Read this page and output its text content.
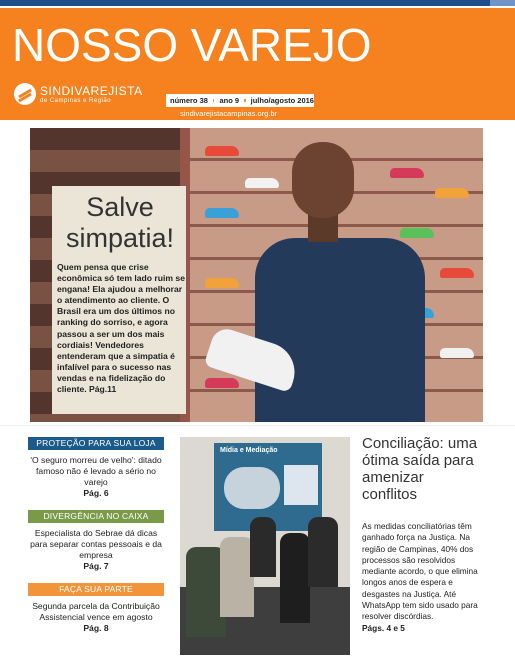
NOSSO VAREJO
SINDIVAREJISTA
de Campinas e Região	número 38 ano 9 julho/agosto 2016
sindivarejistacampinas.org.br
Salve
simpatia!
Quem pensa que crise econômica só tem lado ruim se engana! Ela ajudou a melhorar o atendimento ao cliente. O Brasil era um dos últimos no ranking do sorriso, e agora passou a ser um dos mais cordiais! Vendedores entenderam que a simpatia é infalível para o sucesso nas vendas e na fidelização do cliente. Pág.11
PROTEÇÃO PARA SUA LOJA
'O seguro morreu de velho': ditado famoso não é levado a sério no varejo
Pág. 6
DIVERGÊNCIA NO CAIXA
Especialista do Sebrae dá dicas para separar contas pessoais e da empresa
Pág. 7
FAÇA SUA PARTE
Segunda parcela da Contribuição Assistencial vence em agosto
Pág. 8
Mídia e Mediação	Conciliação: uma ótima saída para amenizar conflitos
As medidas conciliatórias têm ganhado força na Justiça. Na região de Campinas, 40% dos processos são resolvidos mediante acordo, o que elimina longos anos de espera e desgastes na Justiça. Até WhatsApp tem sido usado para resolver discórdias.
Págs. 4 e 5
